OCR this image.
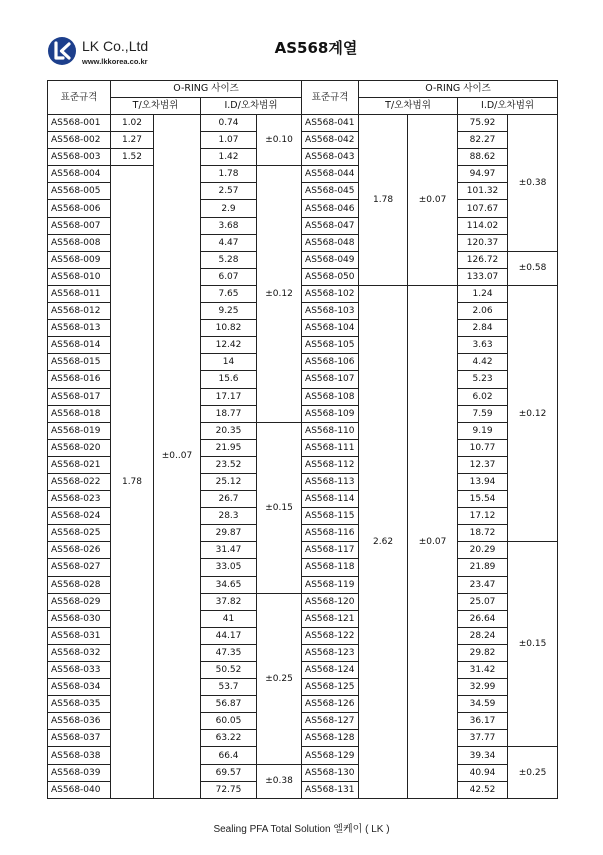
LK Co.,Ltd
www.lkkorea.co.kr
AS568계열
표준규격	O-RING 사이즈				표준규격	O-RING 사이즈			
	T/오차범위		I.D/오차범위			T/오차범위		I.D/오차범위	
AS568-001	1.02	±0..07	0.74	±0.10	AS568-041	1.78	±0.07	75.92	±0.38
AS568-002	1.27		1.07		AS568-042			82.27	
AS568-003	1.52		1.42		AS568-043			88.62	
AS568-004	1.78		1.78	±0.12	AS568-044			94.97	
AS568-005			2.57		AS568-045			101.32	
AS568-006			2.9		AS568-046			107.67	
AS568-007			3.68		AS568-047			114.02	
AS568-008			4.47		AS568-048			120.37	
AS568-009			5.28		AS568-049			126.72	±0.58
AS568-010			6.07		AS568-050			133.07	
AS568-011			7.65		AS568-102	2.62	±0.07	1.24	±0.12
AS568-012			9.25		AS568-103			2.06	
AS568-013			10.82		AS568-104			2.84	
AS568-014			12.42		AS568-105			3.63	
AS568-015			14		AS568-106			4.42	
AS568-016			15.6		AS568-107			5.23	
AS568-017			17.17		AS568-108			6.02	
AS568-018			18.77		AS568-109			7.59	
AS568-019			20.35	±0.15	AS568-110			9.19	
AS568-020			21.95		AS568-111			10.77	
AS568-021			23.52		AS568-112			12.37	
AS568-022			25.12		AS568-113			13.94	
AS568-023			26.7		AS568-114			15.54	
AS568-024			28.3		AS568-115			17.12	
AS568-025			29.87		AS568-116			18.72	
AS568-026			31.47		AS568-117			20.29	±0.15
AS568-027			33.05		AS568-118			21.89	
AS568-028			34.65		AS568-119			23.47	
AS568-029			37.82	±0.25	AS568-120			25.07	
AS568-030			41		AS568-121			26.64	
AS568-031			44.17		AS568-122			28.24	
AS568-032			47.35		AS568-123			29.82	
AS568-033			50.52		AS568-124			31.42	
AS568-034			53.7		AS568-125			32.99	
AS568-035			56.87		AS568-126			34.59	
AS568-036			60.05		AS568-127			36.17	
AS568-037			63.22		AS568-128			37.77	
AS568-038			66.4		AS568-129			39.34	±0.25
AS568-039			69.57	±0.38	AS568-130			40.94	
AS568-040			72.75		AS568-131			42.52	
Sealing PFA Total Solution 엘케이 ( LK )
